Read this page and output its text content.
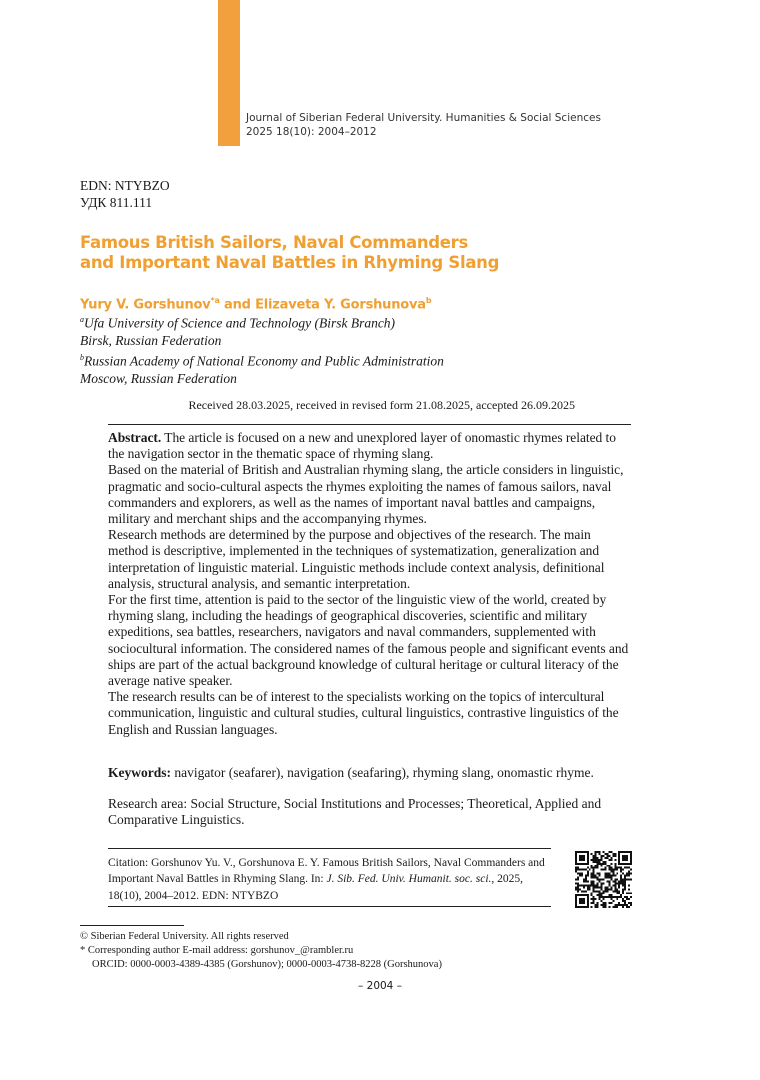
Journal of Siberian Federal University. Humanities & Social Sciences
2025 18(10): 2004–2012
EDN: NTYBZO
УДК 811.111
Famous British Sailors, Naval Commanders
and Important Naval Battles in Rhyming Slang
Yury V. Gorshunov$^{*a}$ and Elizaveta Y. Gorshunova$^b$
$^a$Ufa University of Science and Technology (Birsk Branch)
Birsk, Russian Federation
$^b$Russian Academy of National Economy and Public Administration
Moscow, Russian Federation
Received 28.03.2025, received in revised form 21.08.2025, accepted 26.09.2025

Abstract. The article is focused on a new and unexplored layer of onomastic rhymes related to the navigation sector in the thematic space of rhyming slang.

Based on the material of British and Australian rhyming slang, the article considers in linguistic, pragmatic and socio-cultural aspects the rhymes exploiting the names of famous sailors, naval commanders and explorers, as well as the names of important naval battles and campaigns, military and merchant ships and the accompanying rhymes.

Research methods are determined by the purpose and objectives of the research. The main method is descriptive, implemented in the techniques of systematization, generalization and interpretation of linguistic material. Linguistic methods include context analysis, definitional analysis, structural analysis, and semantic interpretation.

For the first time, attention is paid to the sector of the linguistic view of the world, created by rhyming slang, including the headings of geographical discoveries, scientific and military expeditions, sea battles, researchers, navigators and naval commanders, supplemented with sociocultural information. The considered names of the famous people and significant events and ships are part of the actual background knowledge of cultural heritage or cultural literacy of the average native speaker.

The research results can be of interest to the specialists working on the topics of intercultural communication, linguistic and cultural studies, cultural linguistics, contrastive linguistics of the English and Russian languages.

Keywords: navigator (seafarer), navigation (seafaring), rhyming slang, onomastic rhyme.
Research area: Social Structure, Social Institutions and Processes; Theoretical, Applied and Comparative Linguistics.
Citation: Gorshunov Yu. V., Gorshunova E. Y. Famous British Sailors, Naval Commanders and Important Naval Battles in Rhyming Slang. In: J. Sib. Fed. Univ. Humanit. soc. sci., 2025, 18(10), 2004–2012. EDN: NTYBZO
© Siberian Federal University. All rights reserved
* Corresponding author E-mail address: gorshunov_@rambler.ru
ORCID: 0000-0003-4389-4385 (Gorshunov); 0000-0003-4738-8228 (Gorshunova)
– 2004 –
